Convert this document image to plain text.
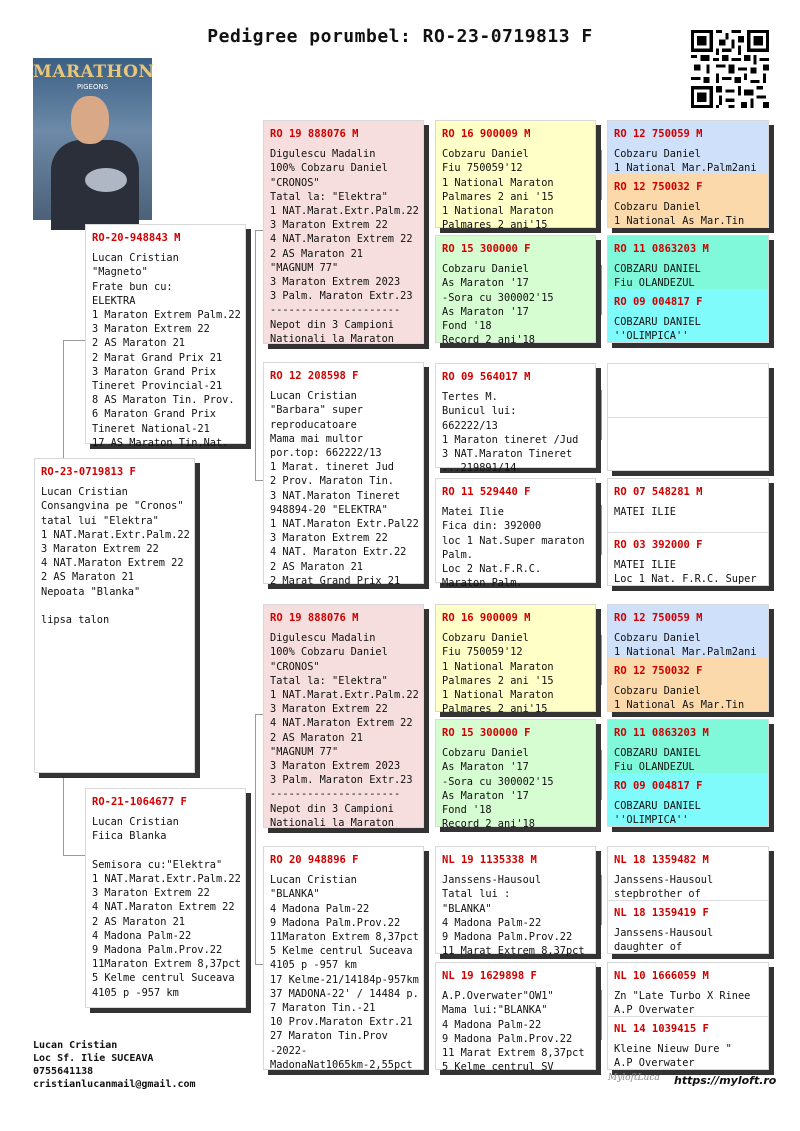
Pedigree porumbel: RO-23-0719813 F
MARATHON
PIGEONS
RO-23-0719813 F
Lucan Cristian
Consangvina pe "Cronos"
tatal lui "Elektra"
1 NAT.Marat.Extr.Palm.22
3 Maraton Extrem 22
4 NAT.Maraton Extrem 22
2 AS Maraton 21
Nepoata "Blanka"

lipsa talon
RO-20-948843 M
Lucan Cristian
"Magneto"
Frate bun cu:
ELEKTRA
1 Maraton Extrem Palm.22
3 Maraton Extrem 22
2 AS Maraton 21
2 Marat Grand Prix 21
3 Maraton Grand Prix
Tineret Provincial-21
8 AS Maraton Tin. Prov.
6 Maraton Grand Prix
Tineret National-21
17 AS Maraton Tin.Nat.
RO-21-1064677 F
Lucan Cristian
Fiica Blanka

Semisora cu:"Elektra"
1 NAT.Marat.Extr.Palm.22
3 Maraton Extrem 22
4 NAT.Maraton Extrem 22
2 AS Maraton 21
4 Madona Palm-22
9 Madona Palm.Prov.22
11Maraton Extrem 8,37pct
5 Kelme centrul Suceava
4105 p -957 km
RO 19 888076 M
Digulescu Madalin
100% Cobzaru Daniel
"CRONOS"
Tatal la: "Elektra"
1 NAT.Marat.Extr.Palm.22
3 Maraton Extrem 22
4 NAT.Maraton Extrem 22
2 AS Maraton 21
"MAGNUM 77"
3 Maraton Extrem 2023
3 Palm. Maraton Extr.23
---------------------
Nepot din 3 Campioni
Nationali la Maraton
RO 12 208598 F
Lucan Cristian
"Barbara" super
reproducatoare
Mama mai multor
por.top: 662222/13
1 Marat. tineret Jud
2 Prov. Maraton Tin.
3 NAT.Maraton Tineret
948894-20 "ELEKTRA"
1 NAT.Maraton Extr.Pal22
3 Maraton Extrem 22
4 NAT. Maraton Extr.22
2 AS Maraton 21
2 Marat Grand Prix 21
RO 19 888076 M
Digulescu Madalin
100% Cobzaru Daniel
"CRONOS"
Tatal la: "Elektra"
1 NAT.Marat.Extr.Palm.22
3 Maraton Extrem 22
4 NAT.Maraton Extrem 22
2 AS Maraton 21
"MAGNUM 77"
3 Maraton Extrem 2023
3 Palm. Maraton Extr.23
---------------------
Nepot din 3 Campioni
Nationali la Maraton
RO 20 948896 F
Lucan Cristian
"BLANKA"
4 Madona Palm-22
9 Madona Palm.Prov.22
11Maraton Extrem 8,37pct
5 Kelme centrul Suceava
4105 p -957 km
17 Kelme-21/14184p-957km
37 MADONA-22' / 14484 p.
7 Maraton Tin.-21
10 Prov.Maraton Extr.21
27 Maraton Tin.Prov
-2022-
MadonaNat1065km-2,55pct
RO 16 900009 M
Cobzaru Daniel
Fiu 750059'12
1 National Maraton
Palmares 2 ani '15
1 National Maraton
Palmares 2 ani'15
RO 15 300000 F
Cobzaru Daniel
As Maraton '17
-Sora cu 300002'15
As Maraton '17
Fond '18
Record 2 ani'18
RO 09 564017 M
Tertes M.
Bunicul lui:
662222/13
1 Maraton tineret /Jud
3 NAT.Maraton Tineret
...219891/14
RO 11 529440 F
Matei Ilie
Fica din: 392000
loc 1 Nat.Super maraton
Palm.
Loc 2 Nat.F.R.C.
Maraton Palm.
RO 16 900009 M
Cobzaru Daniel
Fiu 750059'12
1 National Maraton
Palmares 2 ani '15
1 National Maraton
Palmares 2 ani'15
RO 15 300000 F
Cobzaru Daniel
As Maraton '17
-Sora cu 300002'15
As Maraton '17
Fond '18
Record 2 ani'18
NL 19 1135338 M
Janssens-Hausoul
Tatal lui :
"BLANKA"
4 Madona Palm-22
9 Madona Palm.Prov.22
11 Marat Extrem 8,37pct
NL 19 1629898 F
A.P.Overwater"OW1"
Mama lui:"BLANKA"
4 Madona Palm-22
9 Madona Palm.Prov.22
11 Marat Extrem 8,37pct
5 Kelme centrul SV
RO 12 750059 M
Cobzaru Daniel
1 National Mar.Palm2ani
RO 12 750032 F
Cobzaru Daniel
1 National As Mar.Tin
RO 11 0863203 M
COBZARU DANIEL
Fiu OLANDEZUL
RO 09 004817 F
COBZARU DANIEL
''OLIMPICA''
RO 07 548281 M
MATEI ILIE
RO 03 392000 F
MATEI ILIE
Loc 1 Nat. F.R.C. Super
RO 12 750059 M
Cobzaru Daniel
1 National Mar.Palm2ani
RO 12 750032 F
Cobzaru Daniel
1 National As Mar.Tin
RO 11 0863203 M
COBZARU DANIEL
Fiu OLANDEZUL
RO 09 004817 F
COBZARU DANIEL
''OLIMPICA''
NL 18 1359482 M
Janssens-Hausoul
stepbrother of
NL 18 1359419 F
Janssens-Hausoul
daughter of
NL 10 1666059 M
Zn "Late Turbo X Rinee
A.P Overwater
NL 14 1039415 F
Kleine Nieuw Dure "
A.P Overwater
Lucan Cristian
Loc Sf. Ilie SUCEAVA
0755641138
cristianlucanmail@gmail.com
MyloftLuca https://myloft.ro
